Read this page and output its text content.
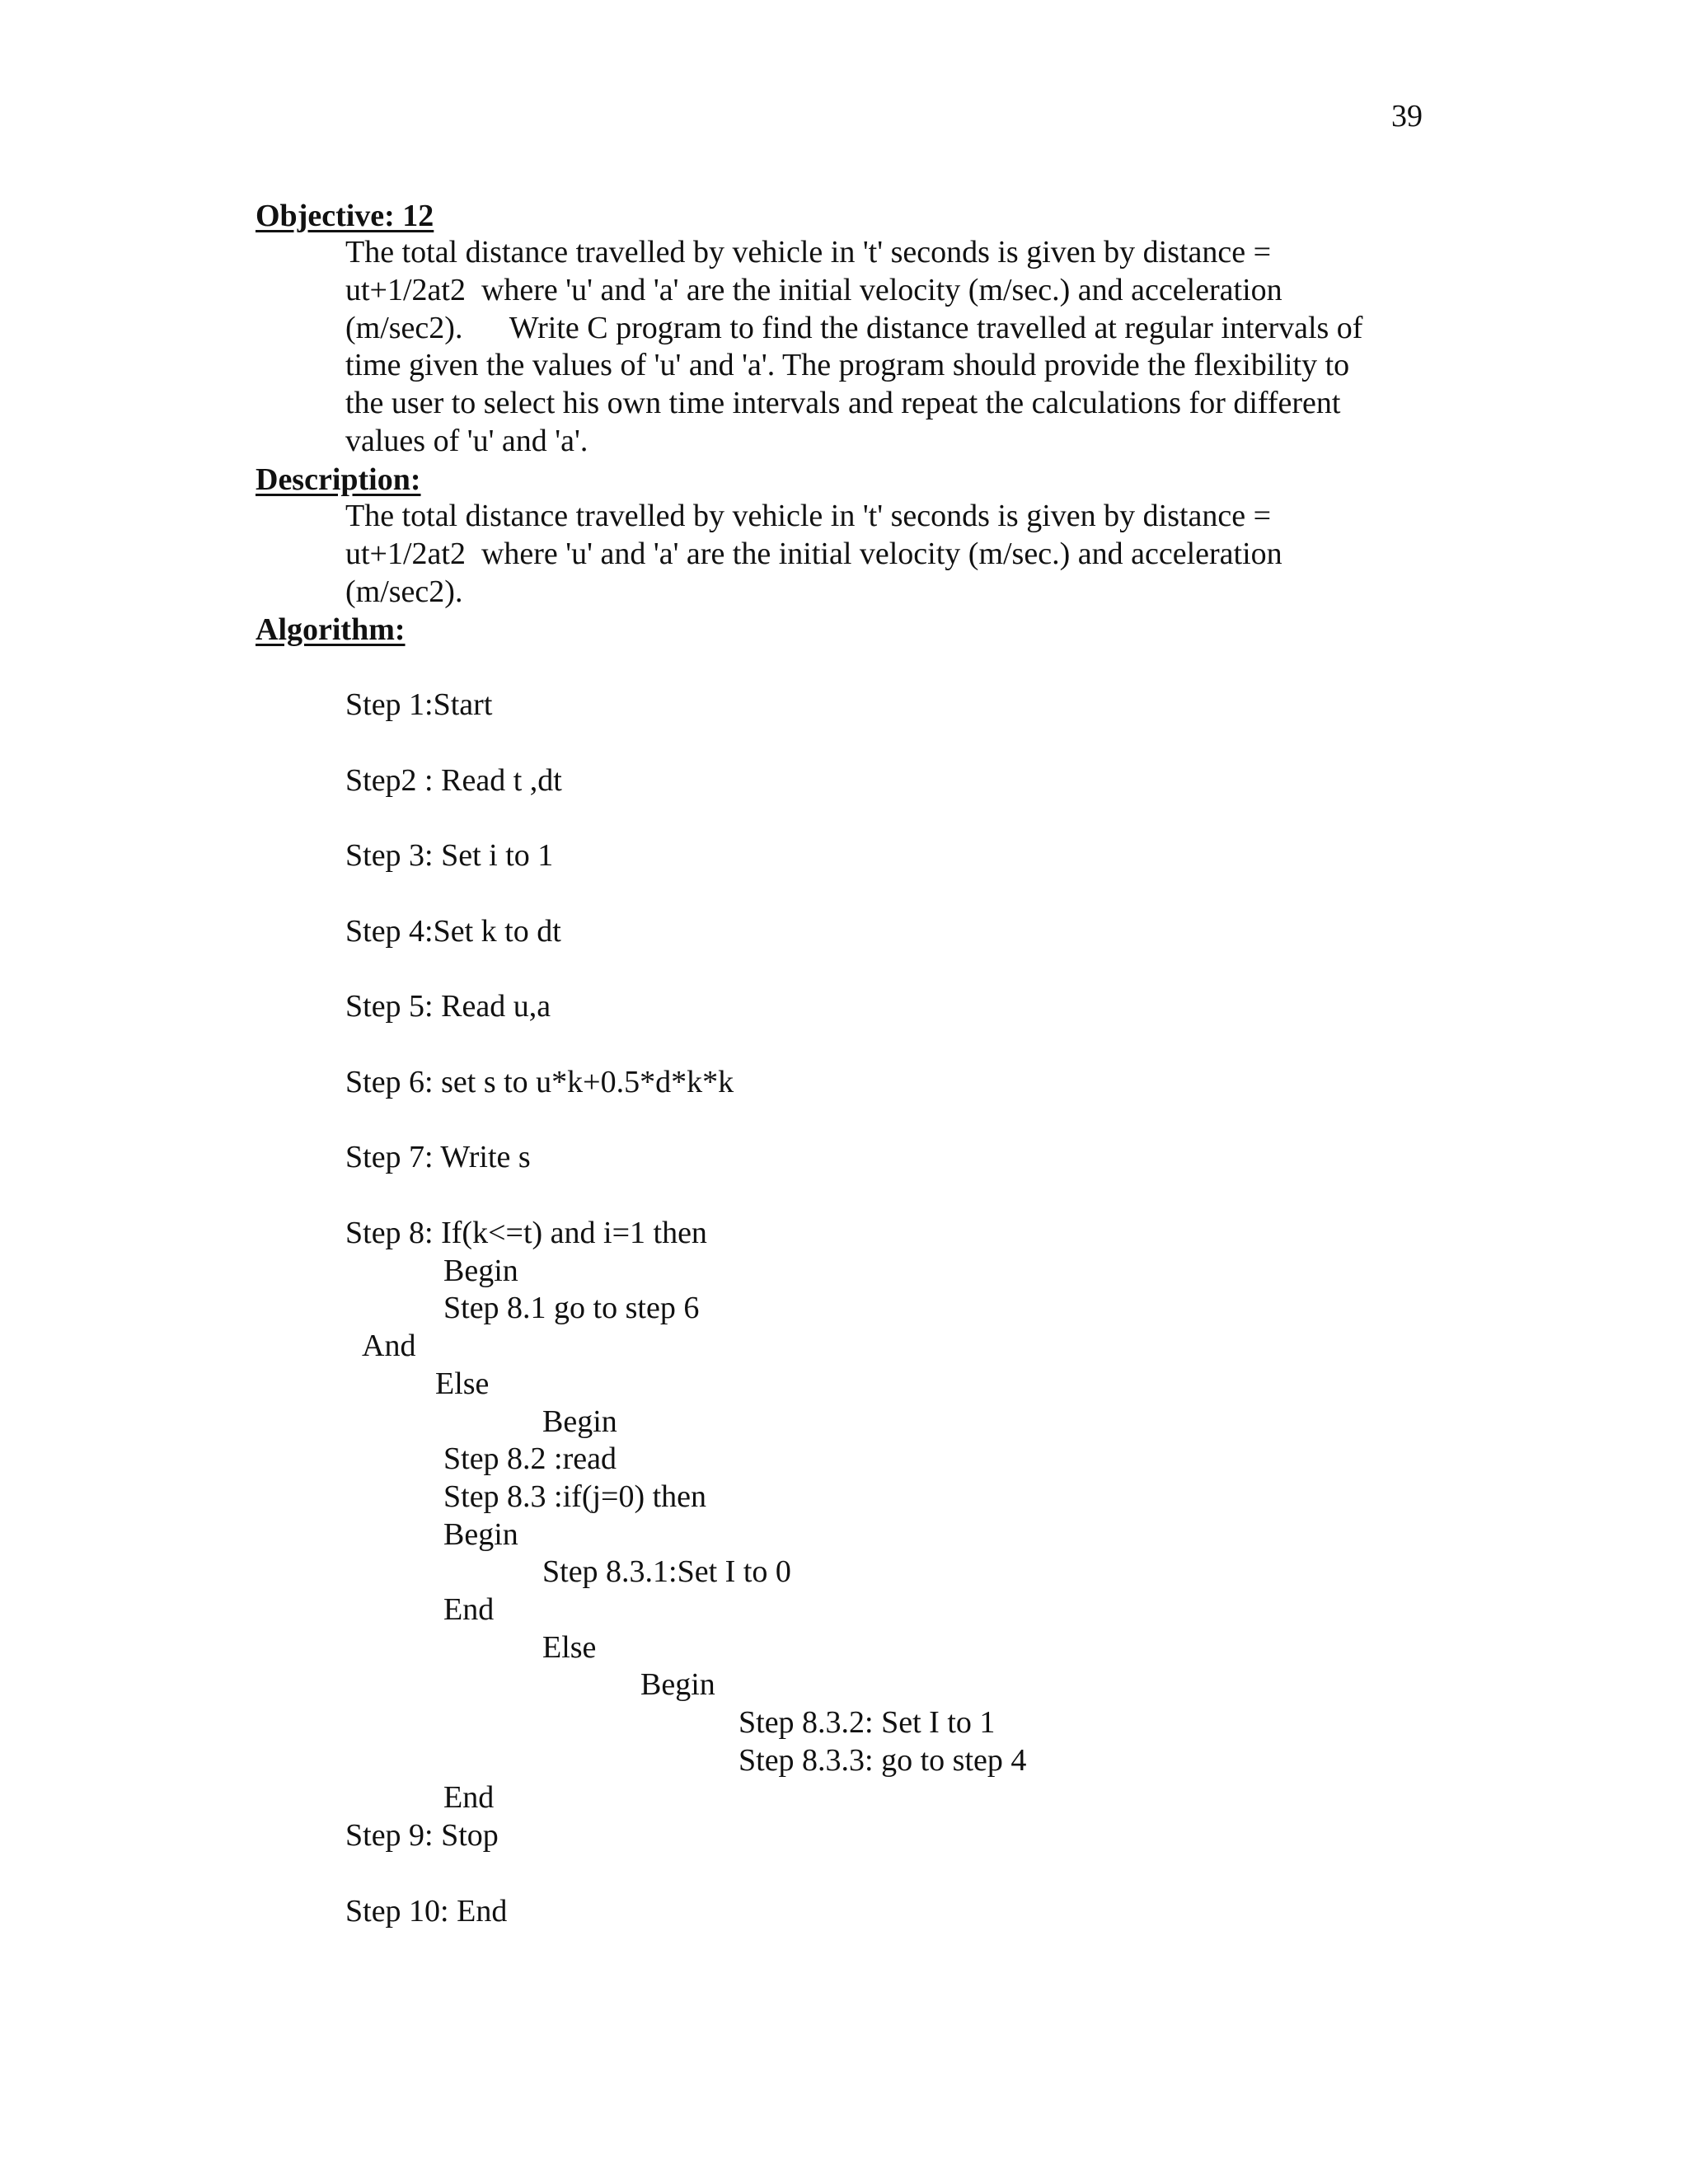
39
Objective: 12
The total distance travelled by vehicle in 't' seconds is given by distance =
ut+1/2at2  where 'u' and 'a' are the initial velocity (m/sec.) and acceleration
(m/sec2).      Write C program to find the distance travelled at regular intervals of
time given the values of 'u' and 'a'. The program should provide the flexibility to
the user to select his own time intervals and repeat the calculations for different
values of 'u' and 'a'.
Description:
The total distance travelled by vehicle in 't' seconds is given by distance =
ut+1/2at2  where 'u' and 'a' are the initial velocity (m/sec.) and acceleration
(m/sec2).
Algorithm:
Step 1:Start
Step2 : Read t ,dt
Step 3: Set i to 1
Step 4:Set k to dt
Step 5: Read u,a
Step 6: set s to u*k+0.5*d*k*k
Step 7: Write s
Step 8: If(k<=t) and i=1 then
Begin
Step 8.1 go to step 6
And
Else
Begin
Step 8.2 :read
Step 8.3 :if(j=0) then
Begin
Step 8.3.1:Set I to 0
End
Else
Begin
Step 8.3.2: Set I to 1
Step 8.3.3: go to step 4
End
Step 9: Stop
Step 10: End
